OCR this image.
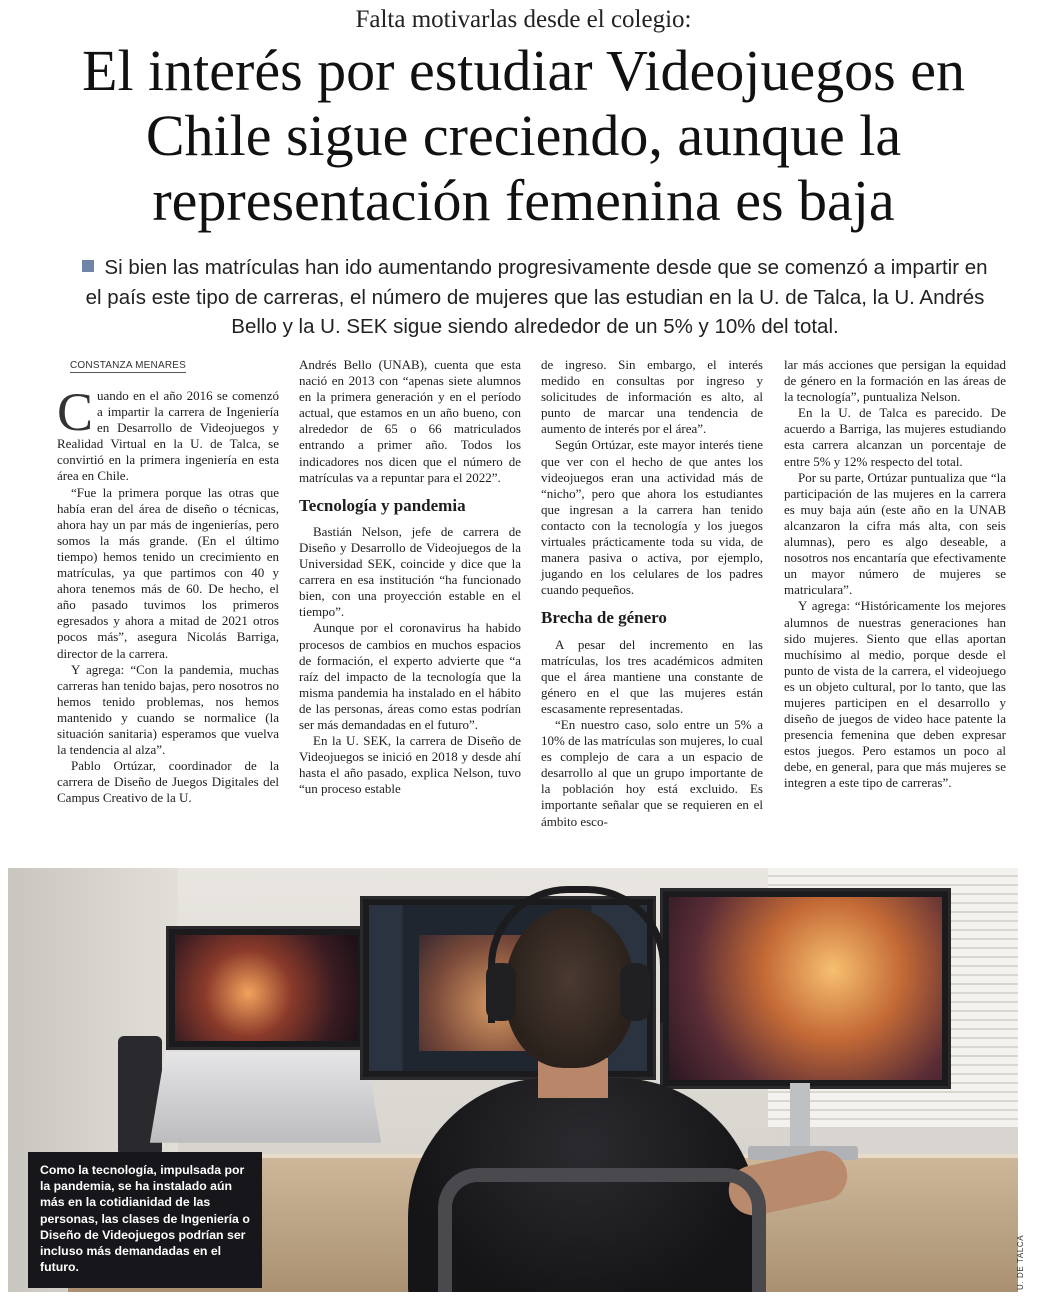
Falta motivarlas desde el colegio:
El interés por estudiar Videojuegos en
Chile sigue creciendo, aunque la
representación femenina es baja
Si bien las matrículas han ido aumentando progresivamente desde que se comenzó a impartir en
el país este tipo de carreras, el número de mujeres que las estudian en la U. de Talca, la U. Andrés
Bello y la U. SEK sigue siendo alrededor de un 5% y 10% del total.
CONSTANZA MENARES

Cuando en el año 2016 se comenzó a impartir la carrera de Ingeniería en Desarrollo de Videojuegos y Realidad Virtual en la U. de Talca, se convirtió en la primera ingeniería en esta área en Chile.

“Fue la primera porque las otras que había eran del área de diseño o técnicas, ahora hay un par más de ingenierías, pero somos la más grande. (En el último tiempo) hemos tenido un crecimiento en matrículas, ya que partimos con 40 y ahora tenemos más de 60. De hecho, el año pasado tuvimos los primeros egresados y ahora a mitad de 2021 otros pocos más”, asegura Nicolás Barriga, director de la carrera.

Y agrega: “Con la pandemia, muchas carreras han tenido bajas, pero nosotros no hemos tenido problemas, nos hemos mantenido y cuando se normalice (la situación sanitaria) esperamos que vuelva la tendencia al alza”.

Pablo Ortúzar, coordinador de la carrera de Diseño de Juegos Digitales del Campus Creativo de la U.

Andrés Bello (UNAB), cuenta que esta nació en 2013 con “apenas siete alumnos en la primera generación y en el período actual, que estamos en un año bueno, con alrededor de 65 o 66 matriculados entrando a primer año. Todos los indicadores nos dicen que el número de matrículas va a repuntar para el 2022”.

Tecnología y pandemia

Bastián Nelson, jefe de carrera de Diseño y Desarrollo de Videojuegos de la Universidad SEK, coincide y dice que la carrera en esa institución “ha funcionado bien, con una proyección estable en el tiempo”.

Aunque por el coronavirus ha habido procesos de cambios en muchos espacios de formación, el experto advierte que “a raíz del impacto de la tecnología que la misma pandemia ha instalado en el hábito de las personas, áreas como estas podrían ser más demandadas en el futuro”.

En la U. SEK, la carrera de Diseño de Videojuegos se inició en 2018 y desde ahí hasta el año pasado, explica Nelson, tuvo “un proceso estable

de ingreso. Sin embargo, el interés medido en consultas por ingreso y solicitudes de información es alto, al punto de marcar una tendencia de aumento de interés por el área”.

Según Ortúzar, este mayor interés tiene que ver con el hecho de que antes los videojuegos eran una actividad más de “nicho”, pero que ahora los estudiantes que ingresan a la carrera han tenido contacto con la tecnología y los juegos virtuales prácticamente toda su vida, de manera pasiva o activa, por ejemplo, jugando en los celulares de los padres cuando pequeños.

Brecha de género

A pesar del incremento en las matrículas, los tres académicos admiten que el área mantiene una constante de género en el que las mujeres están escasamente representadas.

“En nuestro caso, solo entre un 5% a 10% de las matrículas son mujeres, lo cual es complejo de cara a un espacio de desarrollo al que un grupo importante de la población hoy está excluido. Es importante señalar que se requieren en el ámbito esco-

lar más acciones que persigan la equidad de género en la formación en las áreas de la tecnología”, puntualiza Nelson.

En la U. de Talca es parecido. De acuerdo a Barriga, las mujeres estudiando esta carrera alcanzan un porcentaje de entre 5% y 12% respecto del total.

Por su parte, Ortúzar puntualiza que “la participación de las mujeres en la carrera es muy baja aún (este año en la UNAB alcanzaron la cifra más alta, con seis alumnas), pero es algo deseable, a nosotros nos encantaría que efectivamente un mayor número de mujeres se matriculara”.

Y agrega: “Históricamente los mejores alumnos de nuestras generaciones han sido mujeres. Siento que ellas aportan muchísimo al medio, porque desde el punto de vista de la carrera, el videojuego es un objeto cultural, por lo tanto, que las mujeres participen en el desarrollo y diseño de juegos de video hace patente la presencia femenina que deben expresar estos juegos. Pero estamos un poco al debe, en general, para que más mujeres se integren a este tipo de carreras”.

Como la tecnología, impulsada por la pandemia, se ha instalado aún más en la cotidianidad de las personas, las clases de Ingeniería o Diseño de Videojuegos podrían ser incluso más demandadas en el futuro.	U. DE TALCA
